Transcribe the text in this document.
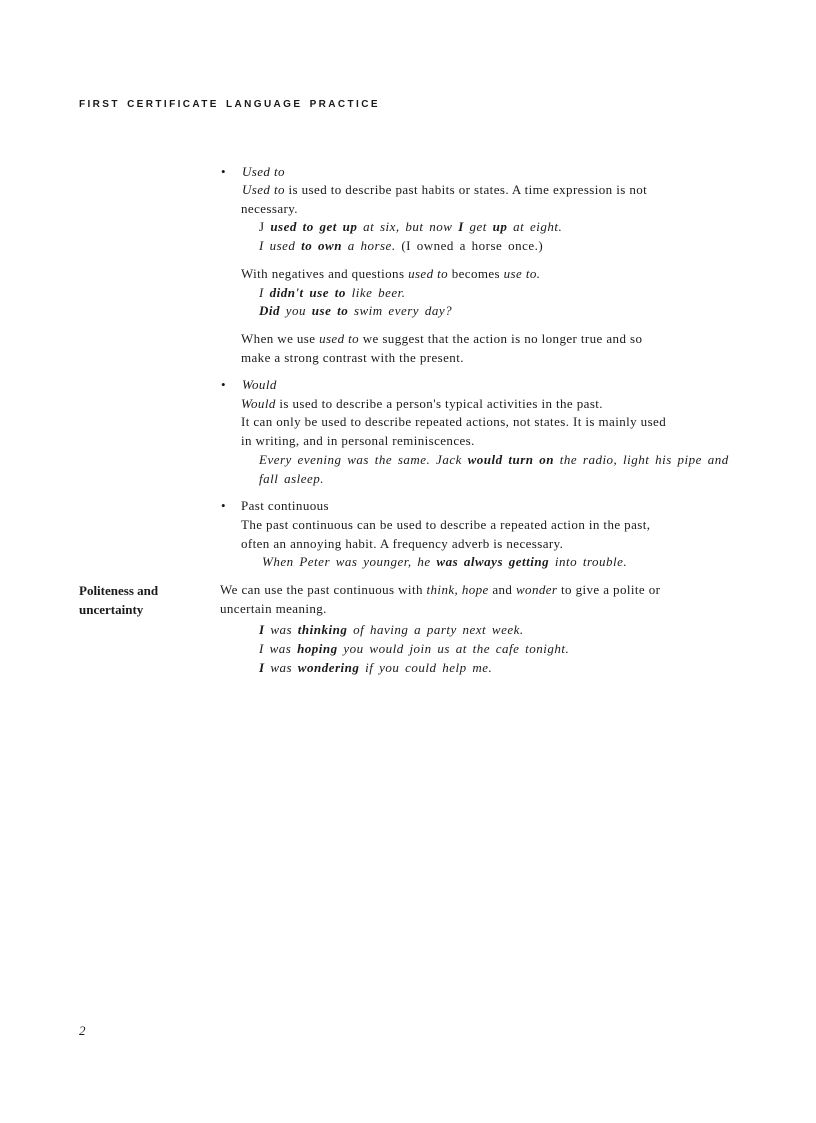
FIRST CERTIFICATE LANGUAGE PRACTICE
• Used to
Used to is used to describe past habits or states. A time expression is not
necessary.
J used to get up at six, but now I get up at eight.
I used to own a horse. (I owned a horse once.)
With negatives and questions used to becomes use to.
I didn't use to like beer.
Did you use to swim every day?
When we use used to we suggest that the action is no longer true and so
make a strong contrast with the present.
• Would
Would is used to describe a person's typical activities in the past.
It can only be used to describe repeated actions, not states. It is mainly used
in writing, and in personal reminiscences.
Every evening was the same. Jack would turn on the radio, light his pipe and
fall asleep.
• Past continuous
The past continuous can be used to describe a repeated action in the past,
often an annoying habit. A frequency adverb is necessary.
When Peter was younger, he was always getting into trouble.
Politeness and
uncertainty
We can use the past continuous with think, hope and wonder to give a polite or
uncertain meaning.
I was thinking of having a party next week.
I was hoping you would join us at the cafe tonight.
I was wondering if you could help me.
2
